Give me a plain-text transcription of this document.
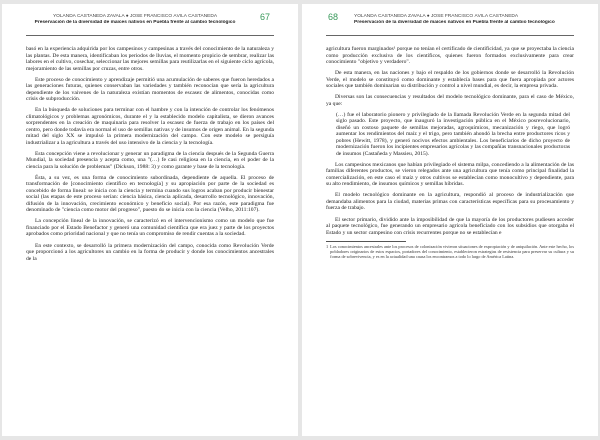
YOLANDA CASTAÑEDA ZAVALA ● JOSÉ FRANCISCO ÁVILA CASTAÑEDA
Preservación de la diversidad de maíces nativos en Puebla frente al cambio tecnológico
67

basó en la experiencia adquirida por los campesinos y campesinas a través del conocimiento de la naturaleza y las plantas. De esta manera, identificaban los periodos de lluvias, el momento propicio de sembrar, realizar las labores en el cultivo, cosechar, seleccionar las mejores semillas para reutilizarlas en el siguiente ciclo agrícola, mejoramiento de las semillas por cruzas, entre otros.

Este proceso de conocimiento y aprendizaje permitió una acumulación de saberes que fueron heredados a las generaciones futuras, quienes conservaban las variedades y también reconocían que sería la agricultura dependiente de los vaivenes de la naturaleza existían momentos de escasez de alimentos, conocidas como crisis de subproducción.

En la búsqueda de soluciones para terminar con el hambre y con la intención de controlar los fenómenos climatológicos y problemas agronómicos, durante el y la establecido modelo capitalista, se dieron avances sorprendentes en la creación de maquinaria para resolver la escasez de fuerza de trabajo en los países del centro, pero donde todavía era normal el uso de semillas nativas y de insumos de origen animal. En la segunda mitad del siglo XX se impulsó la primera modernización del campo. Con este modelo se persiguía industrializar a la agricultura a través del uso intensivo de la ciencia y la tecnología.

Esta concepción viene a revolucionar y generar un paradigma de la ciencia después de la Segunda Guerra Mundial, la sociedad presencia y acepta como, una "(…) fe casi religiosa en la ciencia, en el poder de la ciencia para la solución de problemas" (Dickson, 1988: 3) y como garante y base de la tecnología.

Ésta, a su vez, es una forma de conocimiento subordinada, dependiente de aquella. El proceso de transformación de [conocimiento científico en tecnología] y su apropiación por parte de la sociedad es concebido de forma lineal: se inicia con la ciencia y termina cuando sus logros acaban por producir bienestar social (las etapas de este proceso serían: ciencia básica, ciencia aplicada, desarrollo tecnológico, innovación, difusión de la innovación, crecimiento económico y beneficio social). Por esa razón, este paradigma fue denominado de "ciencia como motor del progreso", puesto do se inicia con la ciencia (Velho, 2011:107).

La concepción lineal de la innovación, se caracterizó en el intervencionismo como un modelo que fue financiado por el Estado Benefactor y generó una comunidad científica que era juez y parte de los proyectos aprobados como prioridad nacional y que no tenía un compromiso de rendir cuentas a la sociedad.

En este contexto, se desarrolló la primera modernización del campo, conocida como Revolución Verde que proporcionó a los agricultores un cambio en la forma de producir y donde los conocimientos ancestrales de la

68	YOLANDA CASTAÑEDA ZAVALA ● JOSÉ FRANCISCO ÁVILA CASTAÑEDA
Preservación de la diversidad de maíces nativos en Puebla frente al cambio tecnológico

agricultura fueron marginados¹ porque no tenían el certificado de cientificidad, ya que se proyectaba la ciencia como producción exclusiva de los científicos, quienes fueron formados exclusivamente para crear conocimiento "objetivo y verdadero".

De esta manera, en las naciones y bajo el respaldo de los gobiernos donde se desarrolló la Revolución Verde, el modelo se constituyó como dominante y establecía bases para que fuera apropiada por actores sociales que también dominarían su distribución y control a nivel mundial, es decir, la empresa privada.

Diversas son las consecuencias y resultados del modelo tecnológico dominante, para el caso de México, ya que:

(…) fue el laboratorio pionero y privilegiado de la llamada Revolución Verde en la segunda mitad del siglo pasado. Este proyecto, que inauguró la investigación pública en el México posrevolucionario, diseñó un costoso paquete de semillas mejoradas, agroquímicos, mecanización y riego, que logró aumentar los rendimientos del maíz y el trigo, pero también ahondó la brecha entre productores ricos y pobres (Hewitt, 1978), y generó nocivos efectos ambientales. Los beneficiarios de dicho proyecto de modernización fueron los incipientes empresarios agrícolas y las compañías transnacionales productoras de insumos (Castañeda y Massieu, 2015).

Los campesinos mexicanos que habían privilegiado el sistema milpa, concediendo a la alimentación de las familias diferentes productos, se vieron relegados ante una agricultura que tenía como principal finalidad la comercialización, en este caso el maíz y otros cultivos se establecían como monocultivo y dependiente, para su alto rendimiento, de insumos químicos y semillas híbridas.

El modelo tecnológico dominante en la agricultura, respondió al proceso de industrialización que demandaba alimentos para la ciudad, materias primas con características específicas para su procesamiento y fuerza de trabajo.

El sector primario, dividido ante la imposibilidad de que la mayoría de los productores pudiesen acceder al paquete tecnológico, fue generando un empresario agrícola beneficiado con los subsidios que otorgaba el Estado y un sector campesino con crisis recurrentes porque no se establecían e

1 Los conocimientos ancestrales ante los procesos de colonización vivieron situaciones de expropiación y de aniquilación. Ante este hecho, los pobladores originarios de estos espacios, portadores del conocimiento, establecieron estrategias de resistencia para preservar su cultura y su forma de sobrevivencia, y es en la actualidad una causa los encontramos a todo lo largo de América Latina.
